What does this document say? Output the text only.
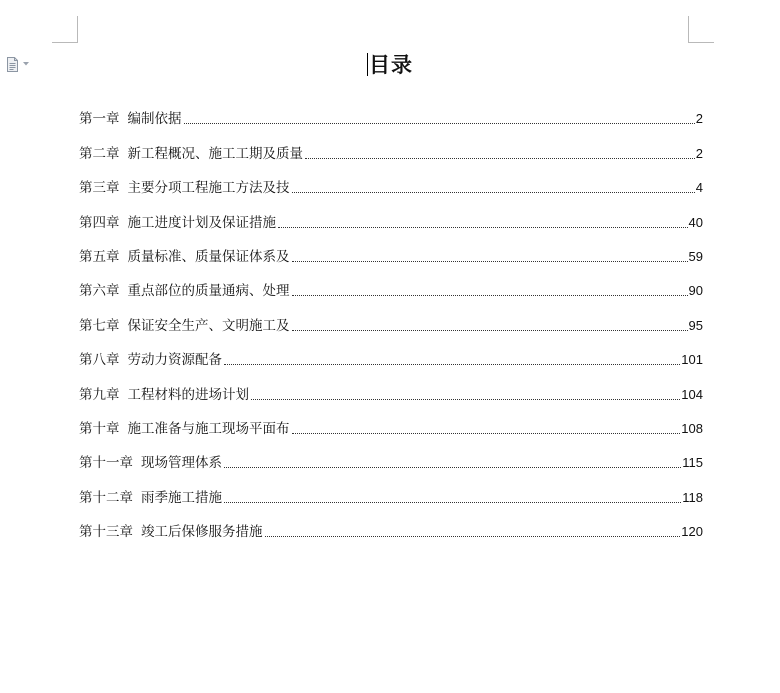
目录
第一章 编制依据	2
第二章 新工程概况、施工工期及质量	2
第三章 主要分项工程施工方法及技	4
第四章 施工进度计划及保证措施	40
第五章 质量标准、质量保证体系及	59
第六章 重点部位的质量通病、处理	90
第七章 保证安全生产、文明施工及	95
第八章 劳动力资源配备	101
第九章 工程材料的进场计划	104
第十章 施工准备与施工现场平面布	108
第十一章 现场管理体系	115
第十二章 雨季施工措施	118
第十三章 竣工后保修服务措施	120
